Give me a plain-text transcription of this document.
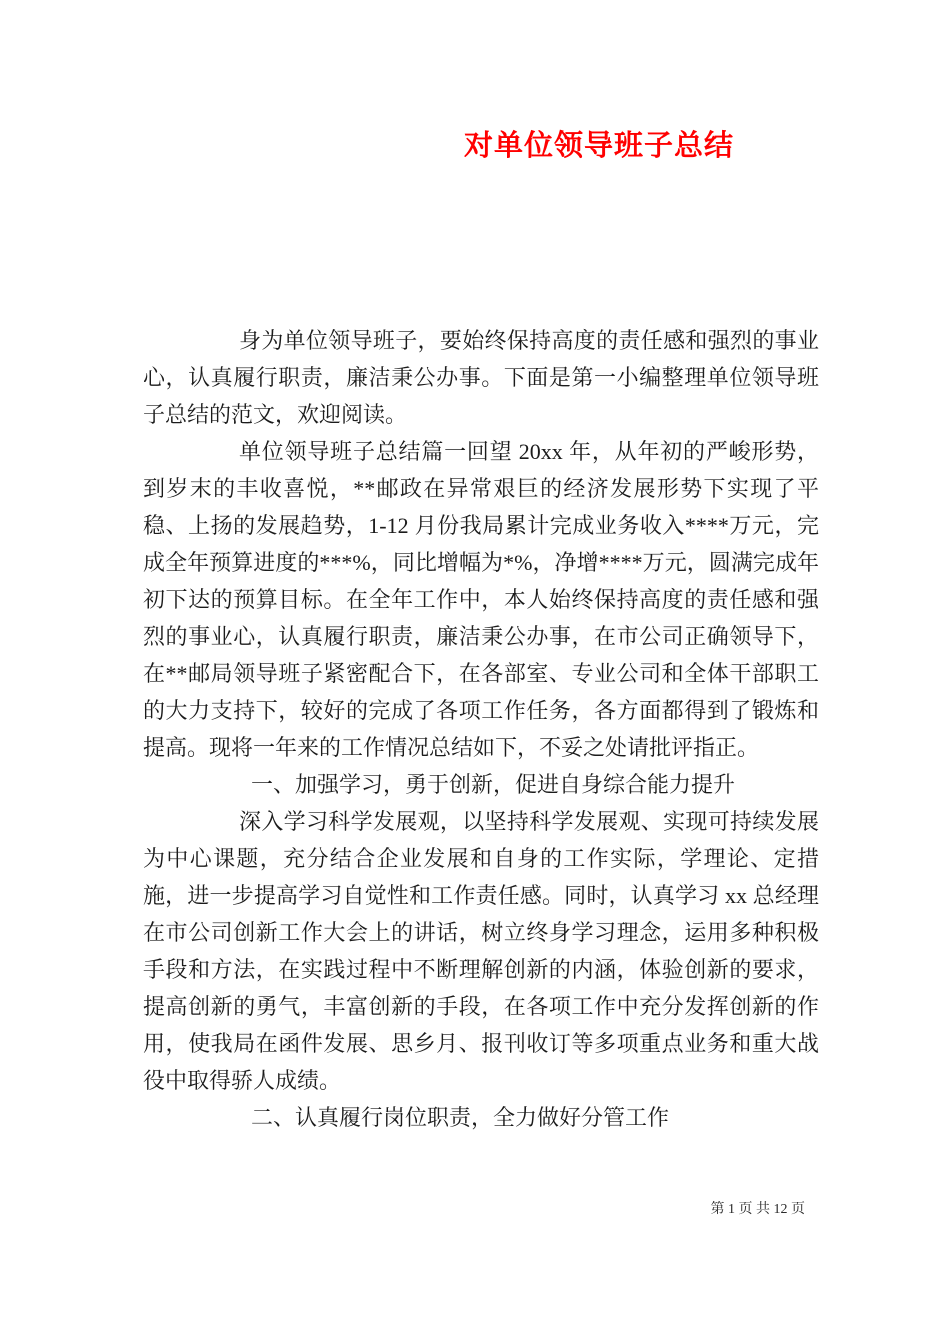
对单位领导班子总结

身为单位领导班子，要始终保持高度的责任感和强烈的事业心，认真履行职责，廉洁秉公办事。下面是第一小编整理单位领导班子总结的范文，欢迎阅读。

单位领导班子总结篇一回望 20xx 年，从年初的严峻形势，到岁末的丰收喜悦，**邮政在异常艰巨的经济发展形势下实现了平稳、上扬的发展趋势，1-12 月份我局累计完成业务收入****万元，完成全年预算进度的***%，同比增幅为*%，净增****万元，圆满完成年初下达的预算目标。在全年工作中，本人始终保持高度的责任感和强烈的事业心，认真履行职责，廉洁秉公办事，在市公司正确领导下，在**邮局领导班子紧密配合下，在各部室、专业公司和全体干部职工的大力支持下，较好的完成了各项工作任务，各方面都得到了锻炼和提高。现将一年来的工作情况总结如下，不妥之处请批评指正。

一、加强学习，勇于创新，促进自身综合能力提升

深入学习科学发展观，以坚持科学发展观、实现可持续发展为中心课题，充分结合企业发展和自身的工作实际，学理论、定措施，进一步提高学习自觉性和工作责任感。同时，认真学习 xx 总经理在市公司创新工作大会上的讲话，树立终身学习理念，运用多种积极手段和方法，在实践过程中不断理解创新的内涵，体验创新的要求，提高创新的勇气，丰富创新的手段，在各项工作中充分发挥创新的作用，使我局在函件发展、思乡月、报刊收订等多项重点业务和重大战役中取得骄人成绩。

二、认真履行岗位职责，全力做好分管工作

第 1 页 共 12 页
